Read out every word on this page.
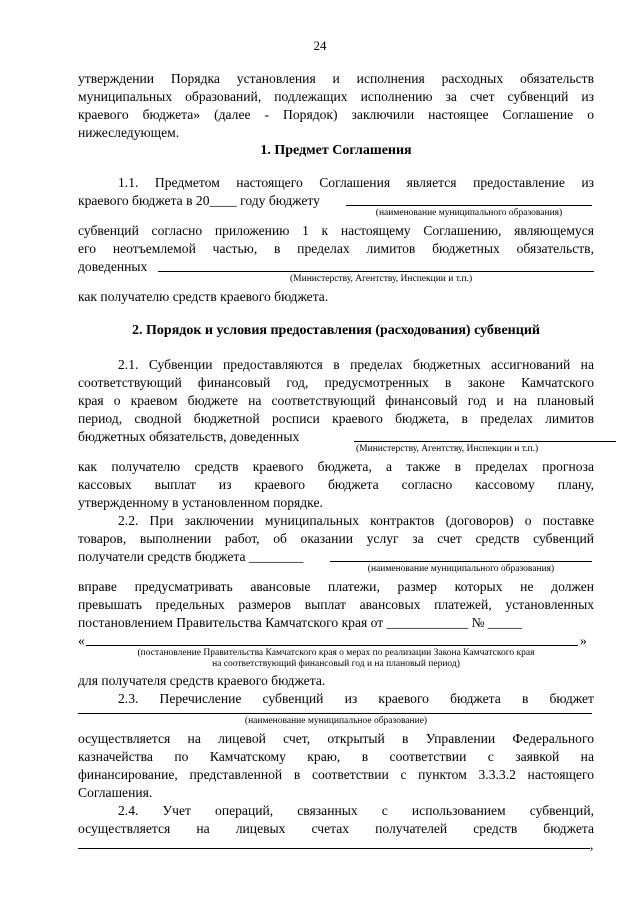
24
утверждении Порядка установления и исполнения расходных обязательств
муниципальных образований, подлежащих исполнению за счет субвенций из
краевого бюджета» (далее - Порядок) заключили настоящее Соглашение о
нижеследующем.
1. Предмет Соглашения
1.1. Предметом настоящего Соглашения является предоставление из
краевого бюджета в 20____ году бюджету
(наименование муниципального образования)
субвенций согласно приложению 1 к настоящему Соглашению, являющемуся
его неотъемлемой частью, в пределах лимитов бюджетных обязательств,
доведенных
(Министерству, Агентству, Инспекции и т.п.)
как получателю средств краевого бюджета.
2. Порядок и условия предоставления (расходования) субвенций
2.1. Субвенции предоставляются в пределах бюджетных ассигнований на
соответствующий финансовый год, предусмотренных в законе Камчатского
края о краевом бюджете на соответствующий финансовый год и на плановый
период, сводной бюджетной росписи краевого бюджета, в пределах лимитов
бюджетных обязательств, доведенных
(Министерству, Агентству, Инспекции и т.п.)
как получателю средств краевого бюджета, а также в пределах прогноза
кассовых выплат из краевого бюджета согласно кассовому плану,
утвержденному в установленном порядке.
2.2. При заключении муниципальных контрактов (договоров) о поставке
товаров, выполнении работ, об оказании услуг за счет средств субвенций
получатели средств бюджета ________
(наименование муниципального образования)
вправе предусматривать авансовые платежи, размер которых не должен
превышать предельных размеров выплат авансовых платежей, установленных
постановлением Правительства Камчатского края от ____________ № _____
«	»
(постановление Правительства Камчатского края о мерах по реализации Закона Камчатского края
на соответствующий финансовый год и на плановый период)
для получателя средств краевого бюджета.
2.3. Перечисление субвенций из краевого бюджета в бюджет
(наименование муниципальное образование)
осуществляется на лицевой счет, открытый в Управлении Федерального
казначейства по Камчатскому краю, в соответствии с заявкой на
финансирование, представленной в соответствии с пунктом 3.3.3.2 настоящего
Соглашения.
2.4. Учет операций, связанных с использованием субвенций,
осуществляется на лицевых счетах получателей средств бюджета
,
